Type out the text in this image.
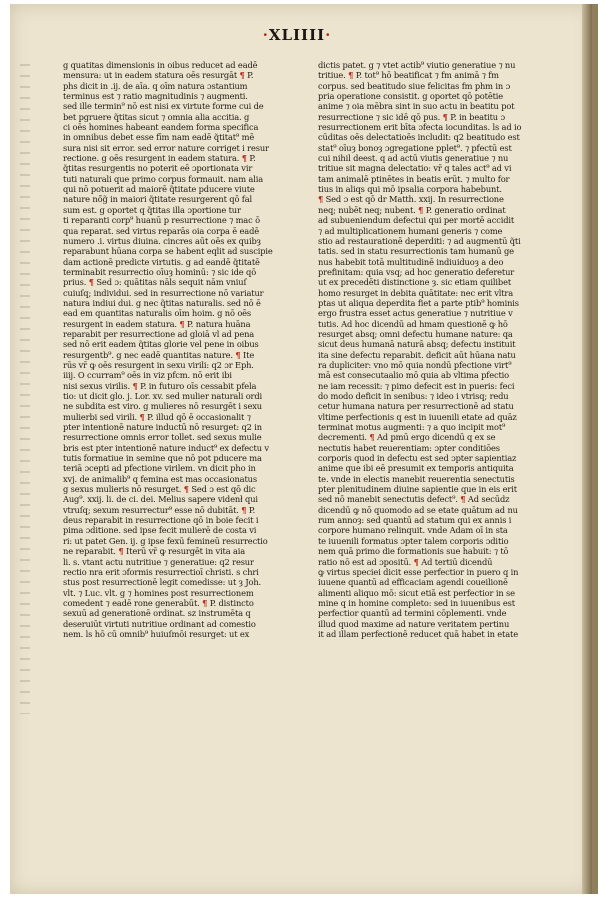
·XLIIII·
g quatitas dimensionis in oibus reducet ad eadē
mensura: ut in eadem statura oēs resurgāt ¶ P.
phs dicit in .ij. de aīa. q oīm natura ɔstantium
terminus est ⁊ ratio magnitudinis ⁊ augmenti.
sed ille termin⁹ nō est nisi ex virtute forme cui de
bet pgruere q̃titas sicut ⁊ omnia alia accitia. g
ci oēs homines habeant eandem forma specifica
in omnibus debet esse fīm nam eadē q̃titat⁹ mē
sura nisi sit error. sed error nature corriget i resur
rectione. g oēs resurgent in eadem statura. ¶ P.
q̃titas resurgentis no poterit eē ɔportionata vir
tuti naturali que primo corpus formauit. nam alia
qui nō potuerit ad maiorē q̃titate pducere viute
nature nō̄g̃ in maiori q̃titate resurgerent qō fal
sum est. g oportet q q̃titas illa ɔportione tur
ti reparanti corp⁹ huanū p resurrectione ⁊ mac ō
qua reparat. sed virtus reparās oia corpa ē eadē
numero .i. virtus diuina. cincres aūt oēs ex quibȝ
reparabunt hūana corpa se habent eqlit ad suscipie
dam actionē predicte virtutis. g ad eandē q̃titatē
terminabit resurrectio oīuȝ hominū: ⁊ sic ide qō
prius. ¶ Sed ɔ: quātitas nāls sequit nām vniuſ
cuiuſq; individui. sed in resurrectione nō variatur
natura indiui dui. g nec q̃titas naturalis. sed nō ē
ead em quantitas naturalis oīm hoim. g nō oēs
resurgent in eadem statura. ¶ P. natura huāna
reparabit per resurrectione ad gloiā vl ad pena
sed nō erit eadem q̃titas glorie vel pene in oibus
resurgentb⁹. g nec eadē quantitas nature. ¶ Ite
rūs vr̄ ꝙ oēs resurgent in sexu virili: q2 ɔr Eph.
iiij. O ccurram⁹ oēs in viz pfcm. nō erit ibi
nisi sexus virilis. ¶ P. in futuro oīs cessabit pfela
tio: ut dicit glo. j. Lor. xv. sed mulier naturali ordi
ne subdita est viro. g mulieres nō resurgēt i sexu
mulierbi sed virili. ¶ P. illud qō ē occasionalit ⁊
pter intentionē nature inductū nō resurget: q2 in
resurrectione omnis error tollet. sed sexus mulie
bris est pter intentionē nature induct⁹ ex defectu v
tutis formatiue in semine que nō pot pducere ma
teriā ɔcepti ad pfectione virilem. vn dicit pho in
xvj. de animalib⁹ q femina est mas occasionatus
g sexus mulieris nō resurget. ¶ Sed ɔ est qō dic
Aug⁹. xxij. li. de ci. dei. Melius sapere videnł qui
vtruſq; sexum resurrectur⁹ esse nō dubitāt. ¶ P.
deus reparabit in resurrectione qō in boie fecit i
pima ɔditione. sed ipse fecit mulierē de costa vi
ri: ut patet Gen. ij. g ipse fexū femineū resurrectio
ne reparabit. ¶ Iterū vr̄ ꝙ resurgēt in vita aia
li. s. vtant actu nutritiue ⁊ generatiue: q2 resur
rectio nra erit ɔformis resurrectioī christi. s chri
stus post resurrectionē legit comedisse: ut ȝ Joh.
vlt. ⁊ Luc. vlt. g ⁊ homines post resurrectionem
comedent ⁊ eadē rone generabūt. ¶ P. distincto
sexuū ad generationē ordinat. sz instrumēta q
deseruiūt virtuti nutritiue ordinant ad comestio
nem. ls hō cū omnib⁹ huiuſmōi resurget: ut ex
dictis patet. g ⁊ vtet actib⁹ viutio generatiue ⁊ nu
tritiue. ¶ P. tot⁹ hō beatificat ⁊ fm animā ⁊ fm
corpus. sed beatitudo siue felicitas fm phm in ɔ
pria operatione consistit. g oportet qō potētie
anime ⁊ oia mēbra sint in suo actu in beatitu pot
resurrectione ⁊ sic idē qō pus. ¶ P. in beatitu ɔ
resurrectionem erit bīta ɔfecta iocunditas. ls ad io
cūditas oēs delectatioēs includit: q2 beatitudo est
stat⁹ oīuȝ bonoȝ ɔgregatione pplet⁹. ⁊ pfectū est
cui nihil deest. q ad actū viutis generatiue ⁊ nu
tritiue sit magna delectatio: vr̄ q tales act⁹ ad vi
tam animalē ptinētes in beatis erūt. ⁊ multo for
tius in aliqs qui mō ipsalia corpora habebunt.
¶ Sed ɔ est qō dr Matth. xxij. In resurrectione
neq; nubēt neq; nubent. ¶ P. generatio ordinat
ad subueniendum defectui qui per mortē accidit
⁊ ad multiplicationem humani generis ⁊ come
stio ad restaurationē deperditi: ⁊ ad augmentū q̃ti
tatis. sed in statu resurrectionis tam humanū ge
nus habebit totā multitudinē indiuiduoȝ a deo
prefinitam: quia vsq; ad hoc generatio deferetur
ut ex precedēti distinctione ȝ. sic etiam quilibet
homo resurget in debita quātitate: nec erit vltra
ptas ut aliqua deperdita fiet a parte ptib⁹ hominis
ergo frustra esset actus generatiue ⁊ nutritiue v
tutis. Ad hoc dicendū ad hmam questionē ꝙ hō
resurget absq; omni defectu humane nature: qa
sicut deus humanā naturā absq; defectu instituit
ita sine defectu reparabit. deficit aūt hūana natu
ra dupliciter: vno mō quia nondū pfectione virt⁹
mā est consecutaalio mō quia ab vltima pfectio
ne iam recessit: ⁊ pimo defecit est in pueris: feci
do modo deficit in senibus: ⁊ ideo i vtrisq; redu
cetur humana natura per resurrectionē ad statu
vltime perfectionis q est in iuuenili etate ad quāz
terminat motus augmenti: ⁊ a quo incipit mot⁹
decrementi. ¶ Ad pmū ergo dicendū q ex se
nectutis habet reuerentiam: ɔpter conditiōes
corporis quod in defectu est sed ɔpter sapientiaz
anime que ibi eē presumit ex temporis antiquita
te. vnde in electis manebit reuerentia senectutis
pter plenitudinem diuine sapientie que in eis erit
sed nō manebit senectutis defect⁹. ¶ Ad secūdz
dicendū ꝙ nō quomodo ad se etate quātum ad nu
rum annoȝ: sed quantū ad statum qui ex annis i
corpore humano relinquit. vnde Adam oī in sta
te iuuenili formatus ɔpter talem corporis ɔditio
nem quā primo die formationis sue habuit: ⁊ tō
ratio nō est ad ɔpositū. ¶ Ad tertiū dicendū
ꝙ virtus speciei dicit esse perfectior in puero q in
iuuene quantū ad efficaciam agendi coueilionē
alimenti aliquo mō: sicut etiā est perfectior in se
mine q in homine completo: sed in iuuenibus est
perfectior quantū ad termini cōplementi. vnde
illud quod maxime ad nature veritatem pertinu
it ad illam perfectionē reducet quā habet in etate
